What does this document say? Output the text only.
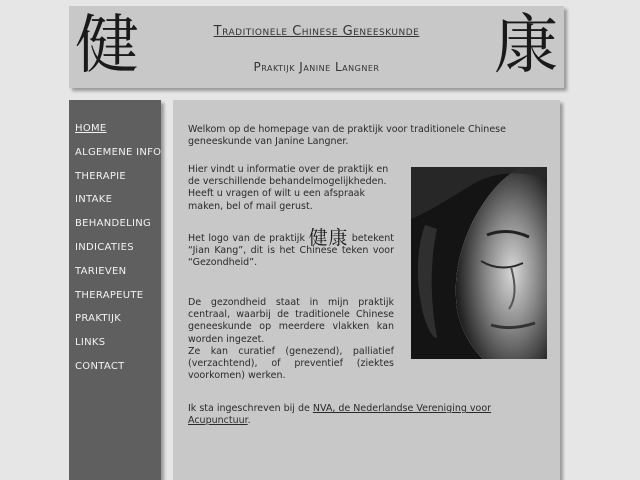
健	Traditionele Chinese Geneeskunde
Praktijk Janine Langner	康
HOME
ALGEMENE INFO
THERAPIE
INTAKE
BEHANDELING
INDICATIES
TARIEVEN
THERAPEUTE
PRAKTIJK
LINKS
CONTACT

Welkom op de homepage van de praktijk voor traditionele Chinese geneeskunde van Janine Langner.

Hier vindt u informatie over de praktijk en de verschillende behandelmogelijkheden.
Heeft u vragen of wilt u een afspraak maken, bel of mail gerust.

Het logo van de praktijk 健康 betekent “Jian Kang”, dit is het Chinese teken voor “Gezondheid”.

De gezondheid staat in mijn praktijk centraal, waarbij de traditionele Chinese geneeskunde op meerdere vlakken kan worden ingezet.
Ze kan curatief (genezend), palliatief (verzachtend), of preventief (ziektes voorkomen) werken.

Ik sta ingeschreven bij de NVA, de Nederlandse Vereniging voor Acupunctuur.
